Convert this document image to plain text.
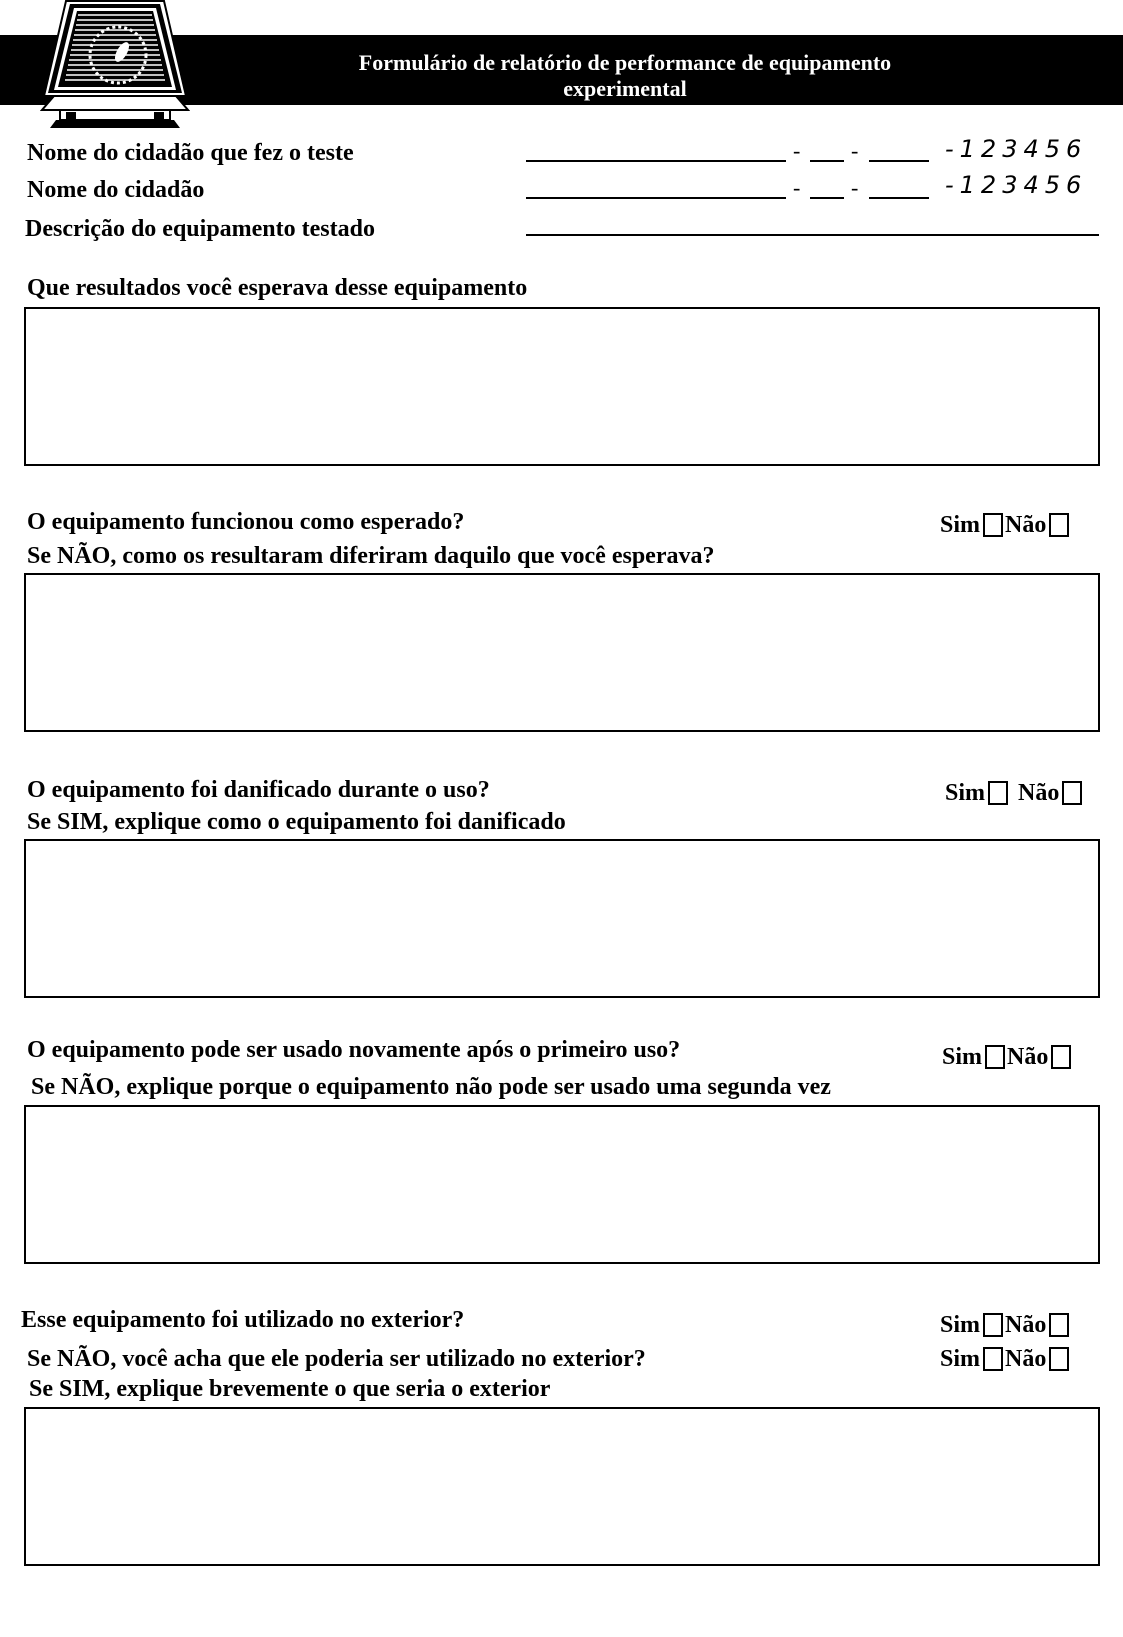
Formulário de relatório de performance de equipamento
experimental
Nome do cidadão que fez o teste	- -	-123456
Nome do cidadão	- -	-123456
Descrição do equipamento testado
Que resultados você esperava desse equipamento
O equipamento funcionou como esperado?	Sim Não
Se NÃO, como os resultaram diferiram daquilo que você esperava?
O equipamento foi danificado durante o uso?	Sim Não
Se SIM, explique como o equipamento foi danificado
O equipamento pode ser usado novamente após o primeiro uso?	Sim Não
Se NÃO, explique porque o equipamento não pode ser usado uma segunda vez
Esse equipamento foi utilizado no exterior?	Sim Não
Se NÃO, você acha que ele poderia ser utilizado no exterior?	Sim Não
Se SIM, explique brevemente o que seria o exterior
